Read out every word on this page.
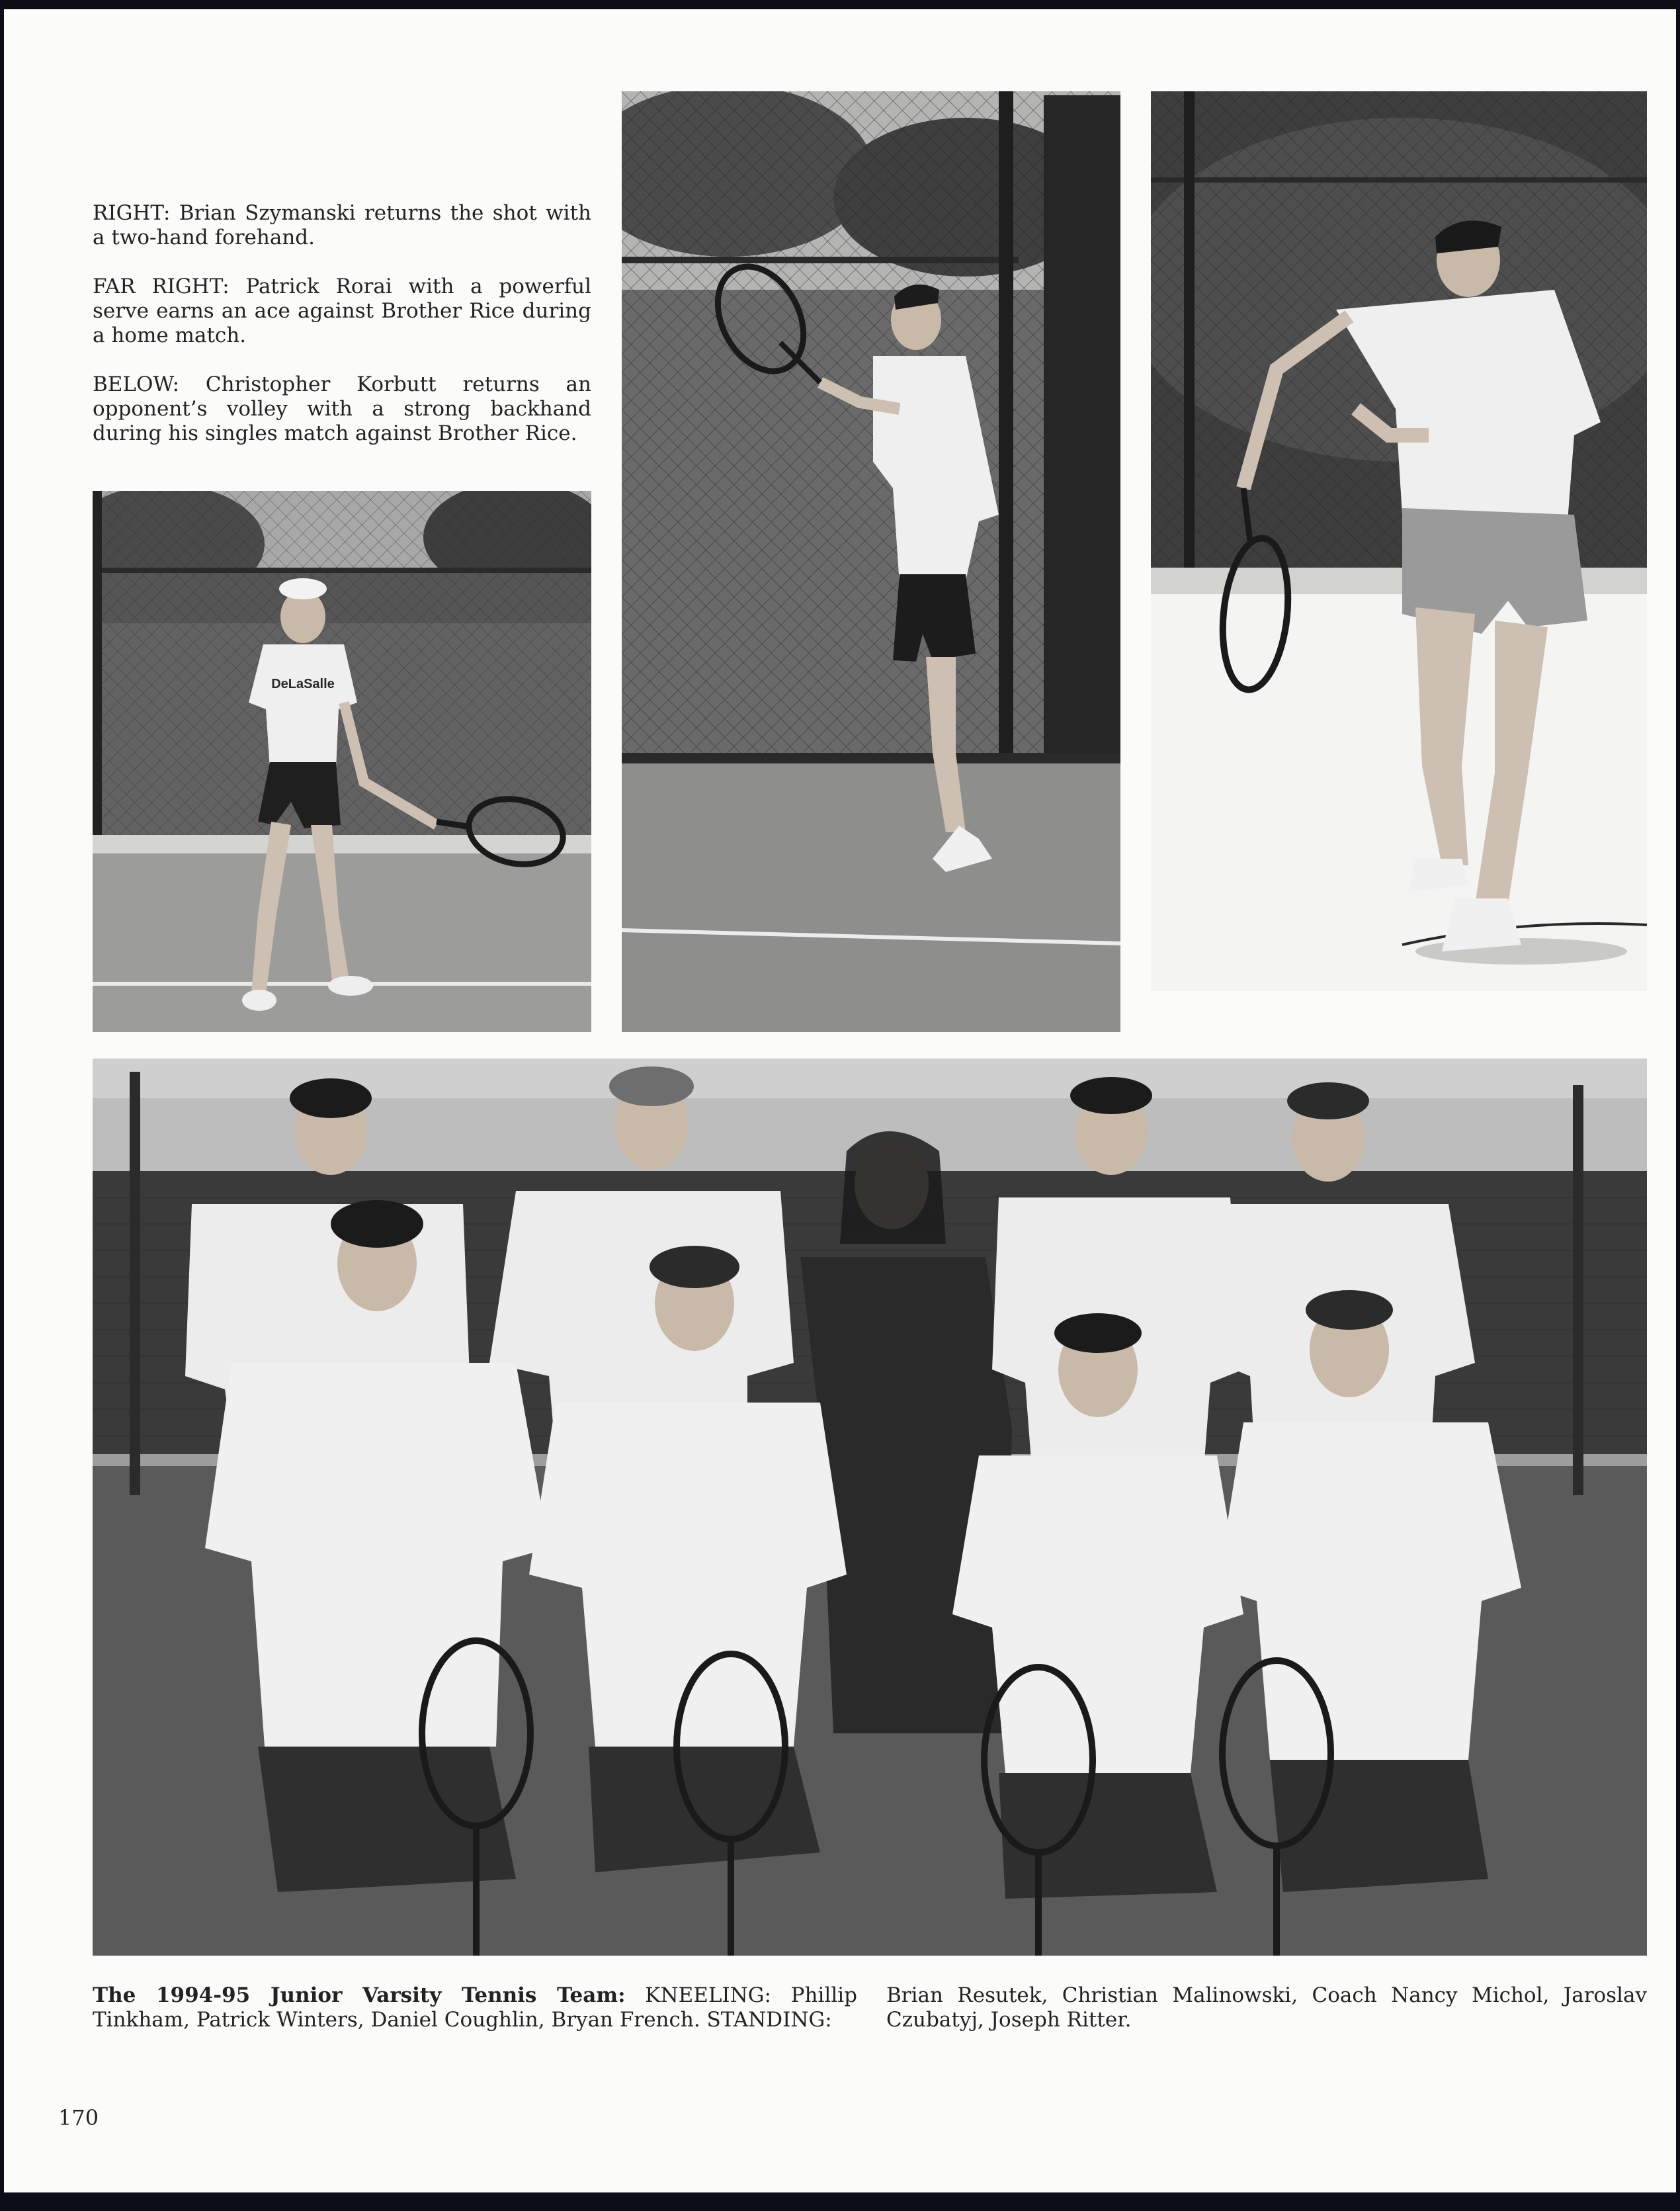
RIGHT: Brian Szymanski returns the shot with a two-hand forehand.

FAR RIGHT: Patrick Rorai with a powerful serve earns an ace against Brother Rice during a home match.

BELOW: Christopher Korbutt returns an opponent’s volley with a strong backhand during his singles match against Brother Rice.

DeLaSalle
The 1994-95 Junior Varsity Tennis Team: KNEELING: Phillip Tinkham, Patrick Winters, Daniel Coughlin, Bryan French. STANDING:
Brian Resutek, Christian Malinowski, Coach Nancy Michol, Jaroslav Czubatyj, Joseph Ritter.
170
